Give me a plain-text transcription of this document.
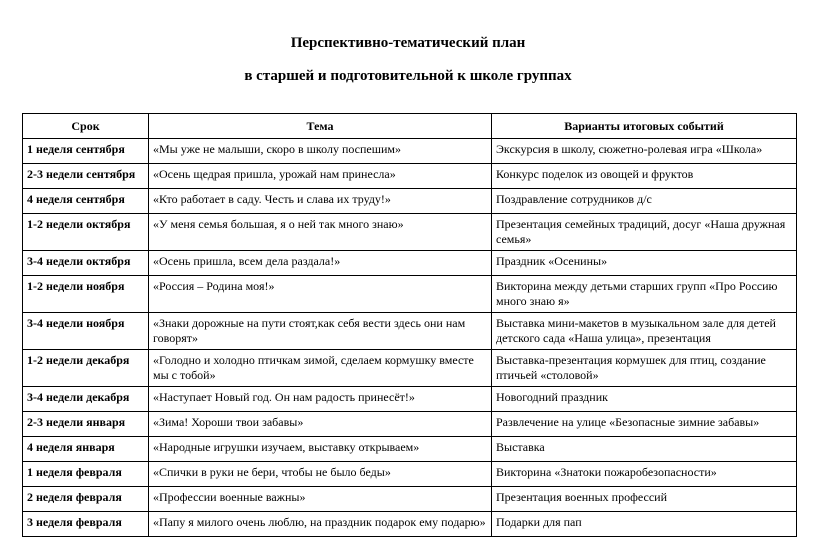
Перспективно-тематический план
в старшей и подготовительной к школе группах
Срок	Тема	Варианты итоговых событий
1 неделя сентября	«Мы уже не малыши, скоро в школу поспешим»	Экскурсия в школу, сюжетно-ролевая игра «Школа»
2-3 недели сентября	«Осень щедрая пришла, урожай нам принесла»	Конкурс поделок из овощей и фруктов
4 неделя сентября	«Кто работает в саду. Честь и слава их труду!»	Поздравление сотрудников д/с
1-2 недели октября	«У меня семья большая, я о ней так много знаю»	Презентация семейных традиций, досуг «Наша дружная семья»
3-4 недели октября	«Осень пришла, всем дела раздала!»	Праздник «Осенины»
1-2 недели ноября	«Россия – Родина моя!»	Викторина между детьми старших групп «Про Россию много знаю я»
3-4 недели ноября	«Знаки дорожные на пути стоят,как себя вести здесь они нам говорят»	Выставка мини-макетов в музыкальном зале для детей детского сада «Наша улица», презентация
1-2 недели декабря	«Голодно и холодно птичкам зимой, сделаем кормушку вместе мы с тобой»	Выставка-презентация кормушек для птиц, создание птичьей «столовой»
3-4 недели декабря	«Наступает Новый год. Он нам радость принесёт!»	Новогодний праздник
2-3 недели января	«Зима! Хороши твои забавы»	Развлечение на улице «Безопасные зимние забавы»
4 неделя января	«Народные игрушки изучаем, выставку открываем»	Выставка
1 неделя февраля	«Спички в руки не бери, чтобы не было беды»	Викторина «Знатоки пожаробезопасности»
2 неделя февраля	«Профессии военные важны»	Презентация военных профессий
3 неделя февраля	«Папу я милого очень люблю, на праздник подарок ему подарю»	Подарки для пап
